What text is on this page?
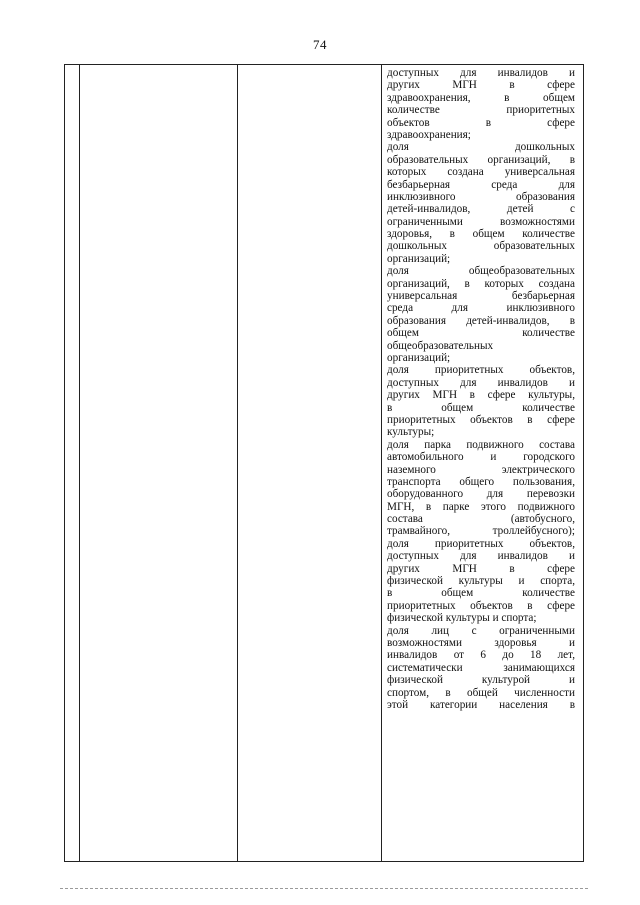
74
доступных для инвалидов и
других МГН в сфере
здравоохранения, в общем
количестве приоритетных
объектов в сфере
здравоохранения;
доля дошкольных
образовательных организаций, в
которых создана универсальная
безбарьерная среда для
инклюзивного образования
детей-инвалидов, детей с
ограниченными возможностями
здоровья, в общем количестве
дошкольных образовательных
организаций;
доля общеобразовательных
организаций, в которых создана
универсальная безбарьерная
среда для инклюзивного
образования детей-инвалидов, в
общем количестве
общеобразовательных
организаций;
доля приоритетных объектов,
доступных для инвалидов и
других МГН в сфере культуры,
в общем количестве
приоритетных объектов в сфере
культуры;
доля парка подвижного состава
автомобильного и городского
наземного электрического
транспорта общего пользования,
оборудованного для перевозки
МГН, в парке этого подвижного
состава (автобусного,
трамвайного, троллейбусного);
доля приоритетных объектов,
доступных для инвалидов и
других МГН в сфере
физической культуры и спорта,
в общем количестве
приоритетных объектов в сфере
физической культуры и спорта;
доля лиц с ограниченными
возможностями здоровья и
инвалидов от 6 до 18 лет,
систематически занимающихся
физической культурой и
спортом, в общей численности
этой категории населения в
